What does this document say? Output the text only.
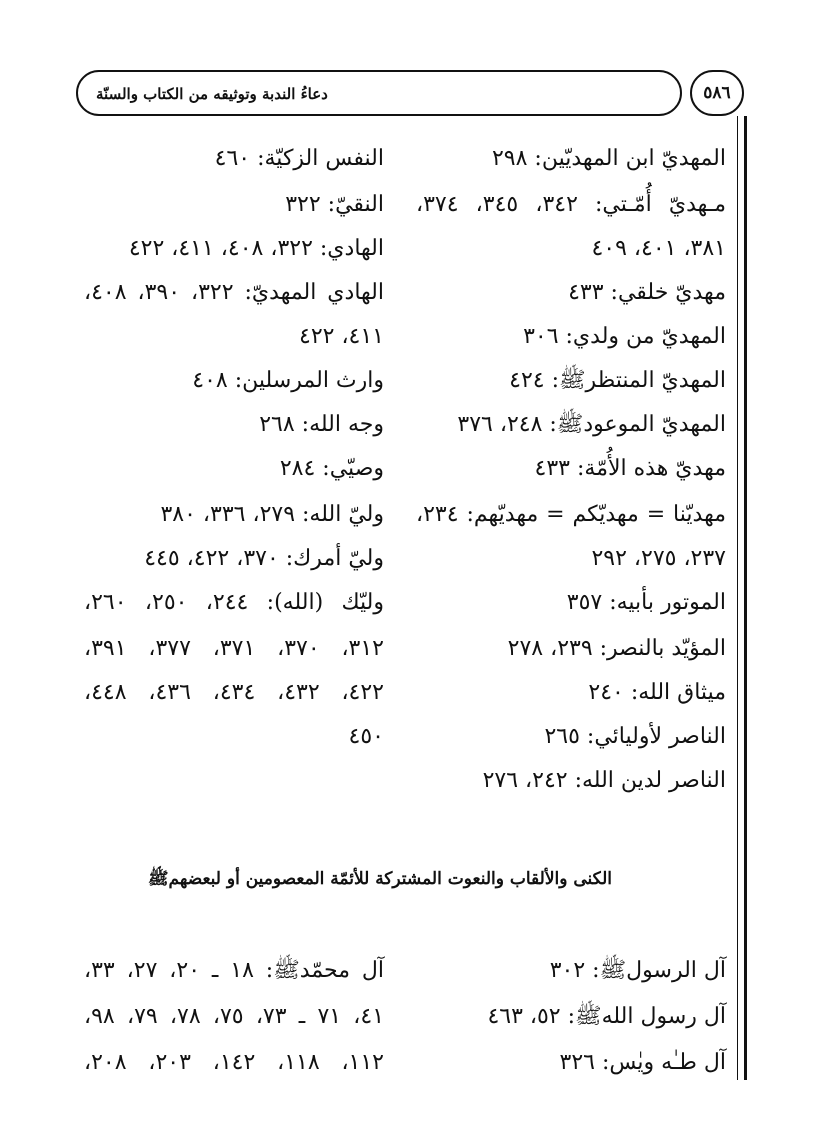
دعاءُ الندبة وتوثيقه من الكتاب والسنّة	٥٨٦
المهديّ ابن المهديّين: ٢٩٨
مـهديّ أُمّـتي: ٣٤٢، ٣٤٥، ٣٧٤،
٣٨١، ٤٠١، ٤٠٩
مهديّ خلقي: ٤٣٣
المهديّ من ولدي: ٣٠٦
المهديّ المنتظرﷺ: ٤٢٤
المهديّ الموعودﷺ: ٢٤٨، ٣٧٦
مهديّ هذه الأُمّة: ٤٣٣
مهديّنا = مهديّكم = مهديّهم: ٢٣٤،
٢٣٧، ٢٧٥، ٢٩٢
الموتور بأبيه: ٣٥٧
المؤيّد بالنصر: ٢٣٩، ٢٧٨
ميثاق الله: ٢٤٠
الناصر لأوليائي: ٢٦٥
الناصر لدين الله: ٢٤٢، ٢٧٦
النفس الزكيّة: ٤٦٠
النقيّ: ٣٢٢
الهادي: ٣٢٢، ٤٠٨، ٤١١، ٤٢٢
الهادي المهديّ: ٣٢٢، ٣٩٠، ٤٠٨،
٤١١، ٤٢٢
وارث المرسلين: ٤٠٨
وجه الله: ٢٦٨
وصيّي: ٢٨٤
وليّ الله: ٢٧٩، ٣٣٦، ٣٨٠
وليّ أمرك: ٣٧٠، ٤٢٢، ٤٤٥
وليّك (الله): ٢٤٤، ٢٥٠، ٢٦٠،
٣١٢، ٣٧٠، ٣٧١، ٣٧٧، ٣٩١،
٤٢٢، ٤٣٢، ٤٣٤، ٤٣٦، ٤٤٨،
٤٥٠
الكنى والألقاب والنعوت المشتركة للأئمّة المعصومين أو لبعضهمﷺ
آل الرسولﷺ: ٣٠٢
آل رسول اللهﷺ: ٥٢، ٤٦٣
آل طـٰه ويٰس: ٣٢٦
آل محمّدﷺ: ١٨ ـ ٢٠، ٢٧، ٣٣،
٤١، ٧١ ـ ٧٣، ٧٥، ٧٨، ٧٩، ٩٨،
١١٢، ١١٨، ١٤٢، ٢٠٣، ٢٠٨،
